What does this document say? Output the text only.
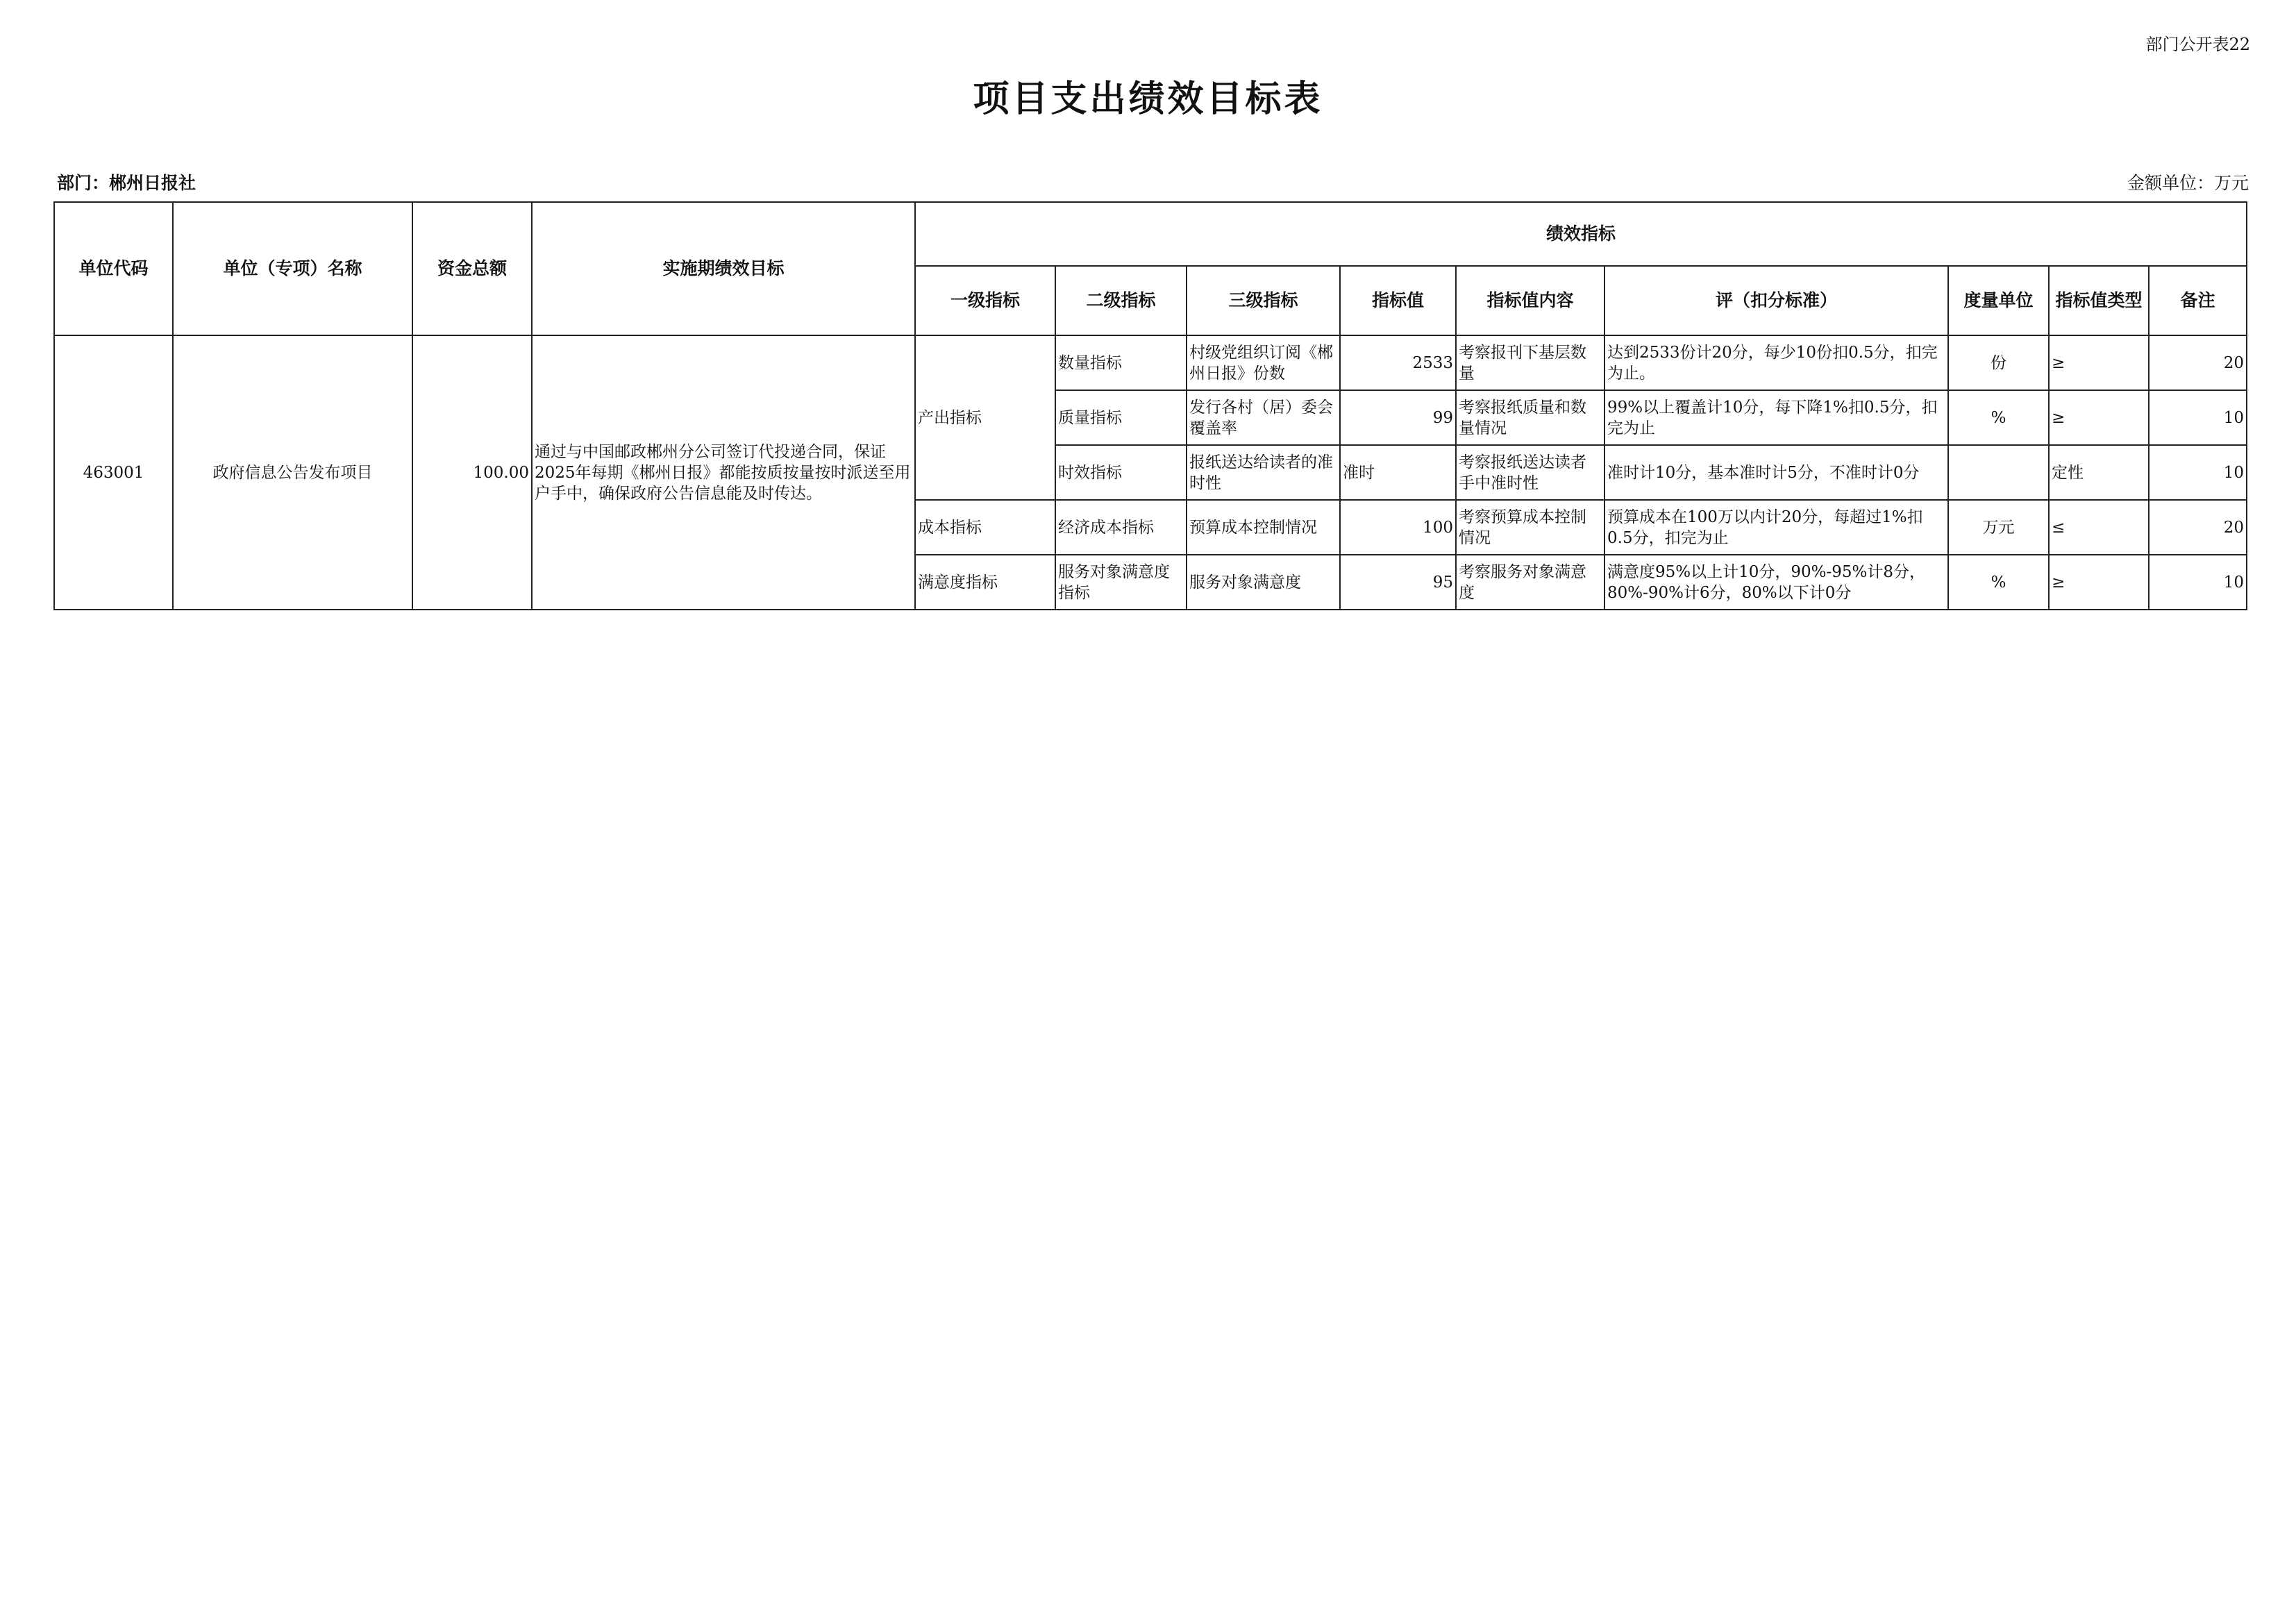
部门公开表22
项目支出绩效目标表
部门：郴州日报社	金额单位：万元
单位代码	单位（专项）名称	资金总额	实施期绩效目标	绩效指标								
				一级指标	二级指标	三级指标	指标值	指标值内容	评（扣分标准）	度量单位	指标值类型	备注
463001	政府信息公告发布项目	100.00	通过与中国邮政郴州分公司签订代投递合同，保证2025年每期《郴州日报》都能按质按量按时派送至用户手中，确保政府公告信息能及时传达。	产出指标	数量指标	村级党组织订阅《郴州日报》份数	2533	考察报刊下基层数量	达到2533份计20分，每少10份扣0.5分，扣完为止。	份	≥	20
					质量指标	发行各村（居）委会覆盖率	99	考察报纸质量和数量情况	99%以上覆盖计10分，每下降1%扣0.5分，扣完为止	%	≥	10
					时效指标	报纸送达给读者的准时性	准时	考察报纸送达读者手中准时性	准时计10分，基本准时计5分，不准时计0分		定性	10
				成本指标	经济成本指标	预算成本控制情况	100	考察预算成本控制情况	预算成本在100万以内计20分，每超过1%扣0.5分，扣完为止	万元	≤	20
				满意度指标	服务对象满意度指标	服务对象满意度	95	考察服务对象满意度	满意度95%以上计10分，90%-95%计8分，80%-90%计6分，80%以下计0分	%	≥	10
